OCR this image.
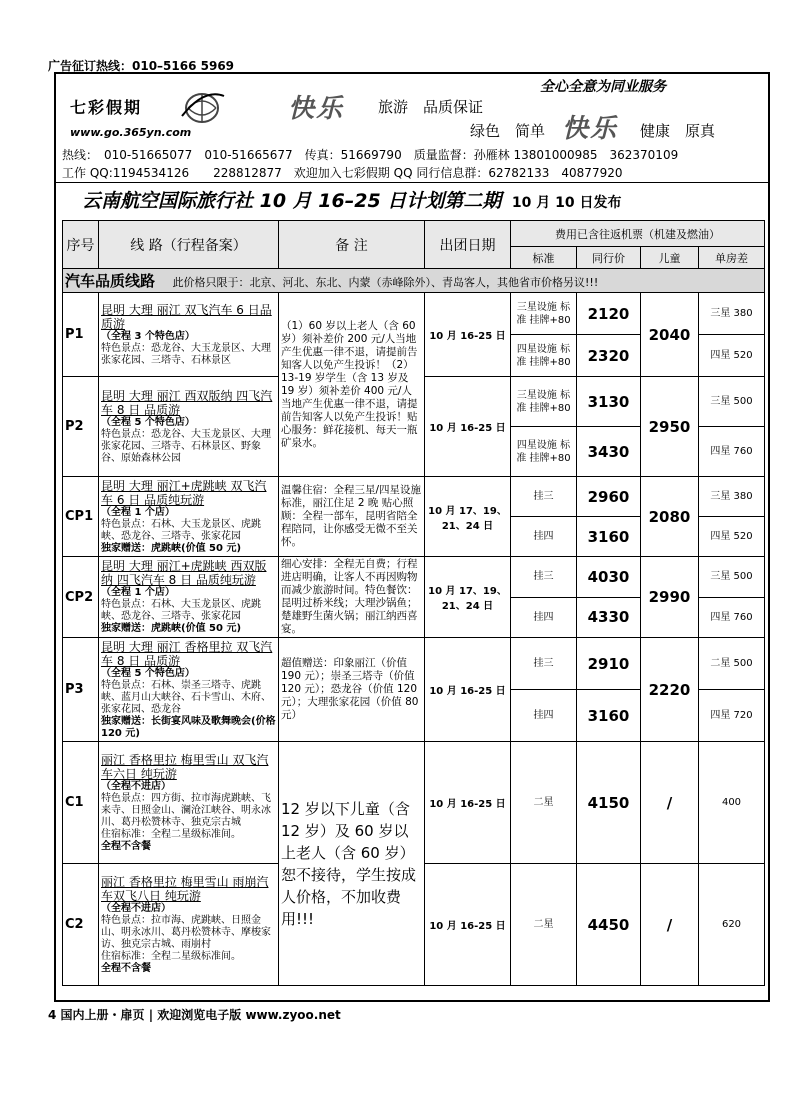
广告征订热线：010–5166 5969
全心全意为同业服务
七彩假期
www.go.365yn.com
快乐 旅游　品质保证
绿色　简单 快乐 健康　原真
热线：　010-51665077　010-51665677　传真：51669790　质量监督：孙雁林 13801000985　362370109
工作 QQ:1194534126　　228812877　欢迎加入七彩假期 QQ 同行信息群：62782133　40877920
云南航空国际旅行社 10 月 16–25 日计划第二期 10 月 10 日发布
序号	线 路（行程备案）	备 注	出团日期	费用已含往返机票（机建及燃油）			
				标准	同行价	儿童	单房差
汽车品质线路 此价格只限于：北京、河北、东北、内蒙（赤峰除外）、青岛客人，其他省市价格另议!!!							
P1	昆明 大理 丽江 双飞汽车 6 日品质游
（全程 3 个特色店）
特色景点：恐龙谷、大玉龙景区、大理张家花园、三塔寺、石林景区	（1）60 岁以上老人（含 60 岁）须补差价 200 元/人当地产生优惠一律不退，请提前告知客人以免产生投诉！（2）13-19 岁学生（含 13 岁及 19 岁）须补差价 400 元/人当地产生优惠一律不退，请提前告知客人以免产生投诉！贴心服务：鲜花接机、每天一瓶矿泉水。	10 月 16-25 日	三星设施 标准 挂牌+80	2120	2040	三星 380
				四星设施 标准 挂牌+80	2320		四星 520
P2	昆明 大理 丽江 西双版纳 四飞汽车 8 日 品质游
（全程 5 个特色店）
特色景点：恐龙谷、大玉龙景区、大理张家花园、三塔寺、石林景区、野象谷、原始森林公园		10 月 16-25 日	三星设施 标准 挂牌+80	3130	2950	三星 500
				四星设施 标准 挂牌+80	3430		四星 760
CP1	昆明 大理 丽江+虎跳峡 双飞汽车 6 日 品质纯玩游
（全程 1 个店）
特色景点：石林、大玉龙景区、虎跳峡、恐龙谷、三塔寺、张家花园
独家赠送：虎跳峡(价值 50 元)	温馨住宿：全程三星/四星设施标准，丽江住足 2 晚 贴心照顾：全程一部车，昆明省陪全程陪同，让你感受无微不至关怀。	10 月 17、19、21、24 日	挂三	2960	2080	三星 380
				挂四	3160		四星 520
CP2	昆明 大理 丽江+虎跳峡 西双版纳 四飞汽车 8 日 品质纯玩游
（全程 1 个店）
特色景点：石林、大玉龙景区、虎跳峡、恐龙谷、三塔寺、张家花园
独家赠送：虎跳峡(价值 50 元)	细心安排：全程无自费；行程进店明确，让客人不再因购物而减少旅游时间。特色餐饮：昆明过桥米线；大理沙锅鱼；楚雄野生菌火锅；丽江纳西喜宴。	10 月 17、19、21、24 日	挂三	4030	2990	三星 500
				挂四	4330		四星 760
P3	昆明 大理 丽江 香格里拉 双飞汽车 8 日 品质游
（全程 5 个特色店）
特色景点：石林、崇圣三塔寺、虎跳峡、蓝月山大峡谷、石卡雪山、木府、张家花园、恐龙谷
独家赠送：长街宴风味及歌舞晚会(价格 120 元)	超值赠送：印象丽江（价值 190 元）；崇圣三塔寺（价值 120 元）；恐龙谷（价值 120 元）；大理张家花园（价值 80 元）	10 月 16-25 日	挂三	2910	2220	二星 500
				挂四	3160		四星 720
C1	丽江 香格里拉 梅里雪山 双飞汽车六日 纯玩游
（全程不进店）
特色景点：四方街、拉市海虎跳峡、飞来寺、日照金山、澜沧江峡谷、明永冰川、葛丹松赞林寺、独克宗古城
住宿标准：全程二星级标准间。
全程不含餐	12 岁以下儿童（含 12 岁）及 60 岁以上老人（含 60 岁）恕不接待，学生按成人价格，不加收费用!!!	10 月 16-25 日	二星	4150	/	400
C2	丽江 香格里拉 梅里雪山 雨崩汽车双飞八日 纯玩游
（全程不进店）
特色景点：拉市海、虎跳峡、日照金山、明永冰川、葛丹松赞林寺、摩梭家访、独克宗古城、雨崩村
住宿标准：全程二星级标准间。
全程不含餐		10 月 16-25 日	二星	4450	/	620
4 国内上册・扉页 | 欢迎浏览电子版 www.zyoo.net
